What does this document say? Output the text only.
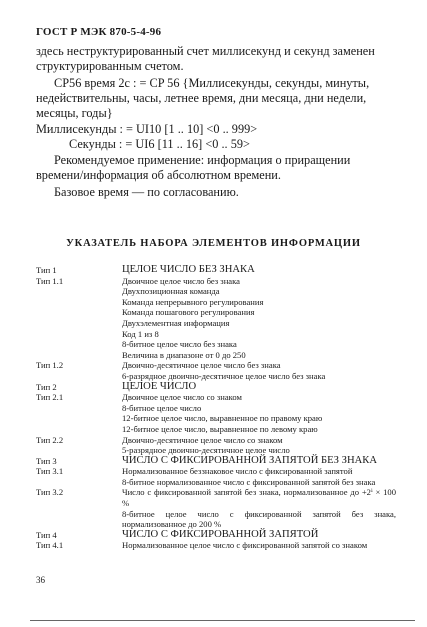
ГОСТ Р МЭК 870-5-4-96
здесь неструктурированный счет миллисекунд и секунд заменен структурированным счетом.
CP56 время 2с : = CP 56 {Миллисекунды, секунды, минуты, недействительны, часы, летнее время, дни месяца, дни недели, месяцы, годы}
Миллисекунды : = UI10 [1 .. 10] <0 .. 999>
Секунды : = UI6 [11 .. 16] <0 .. 59>
Рекомендуемое применение: информация о приращении времени/информация об абсолютном времени.
Базовое время — по согласованию.
УКАЗАТЕЛЬ НАБОРА ЭЛЕМЕНТОВ ИНФОРМАЦИИ
Тип 1	ЦЕЛОЕ ЧИСЛО БЕЗ ЗНАКА
Тип 1.1	Двоичное целое число без знака
Двухпозиционная команда
Команда непрерывного регулирования
Команда пошагового регулирования
Двухэлементная информация
Код 1 из 8
8-битное целое число без знака
Величина в диапазоне от 0 до 250
Тип 1.2	Двоично-десятичное целое число без знака
6-разрядное двоично-десятичное целое число без знака
Тип 2	ЦЕЛОЕ ЧИСЛО
Тип 2.1	Двоичное целое число со знаком
8-битное целое число
12-битное целое число, выравненное по правому краю
12-битное целое число, выравненное по левому краю
Тип 2.2	Двоично-десятичное целое число со знаком
5-разрядное двоично-десятичное целое число
Тип 3	ЧИСЛО С ФИКСИРОВАННОЙ ЗАПЯТОЙ БЕЗ ЗНАКА
Тип 3.1	Нормализованное беззнаковое число с фиксированной запятой
8-битное нормализованное число с фиксированной запятой без знака
Тип 3.2	Число с фиксированной запятой без знака, нормализованное до +2ⁱ × 100 %
8-битное целое число с фиксированной запятой без знака, нормализованное до 200 %
Тип 4	ЧИСЛО С ФИКСИРОВАННОЙ ЗАПЯТОЙ
Тип 4.1	Нормализованное целое число с фиксированной запятой со знаком
36
